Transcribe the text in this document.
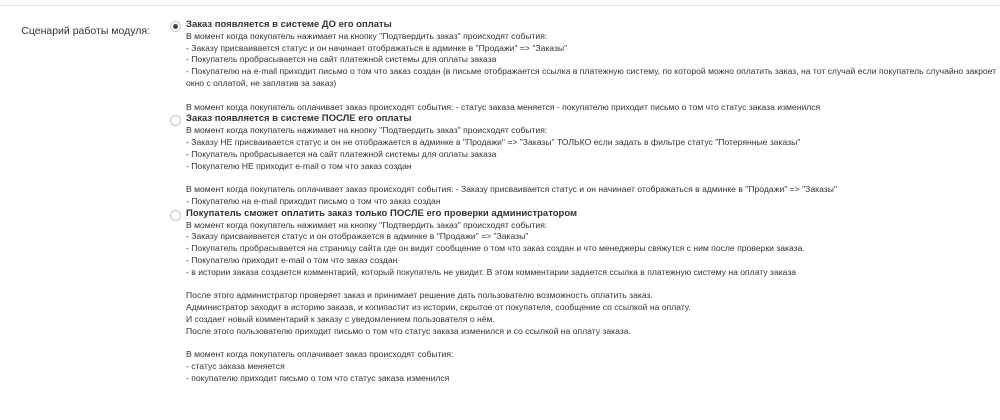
Сценарий работы модуля:
Заказ появляется в системе ДО его оплаты
В момент когда покупатель нажимает на кнопку "Подтвердить заказ" происходят события:
- Заказу присваивается статус и он начинает отображаться в админке в "Продажи" => "Заказы"
- Покупатель пробрасывается на сайт платежной системы для оплаты заказа
- Покупателю на e-mail приходит письмо о том что заказ создан (в письме отображается ссылка в платежную систему, по которой можно оплатить заказ, на тот случай если покупатель случайно закроет окно с оплатой, не заплатив за заказ)
В момент когда покупатель оплачивает заказ происходят события: - статус заказа меняется - покупателю приходит письмо о том что статус заказа изменился
Заказ появляется в системе ПОСЛЕ его оплаты
В момент когда покупатель нажимает на кнопку "Подтвердить заказ" происходят события:
- Заказу НЕ присваивается статус и он не отображается в админке в "Продажи" => "Заказы" ТОЛЬКО если задать в фильтре статус "Потерянные заказы"
- Покупатель пробрасывается на сайт платежной системы для оплаты заказа
- Покупателю НЕ приходит e-mail о том что заказ создан
В момент когда покупатель оплачивает заказ происходят события: - Заказу присваивается статус и он начинает отображаться в админке в "Продажи" => "Заказы"
- Покупателю на e-mail приходит письмо о том что заказ создан
Покупатель сможет оплатить заказ только ПОСЛЕ его проверки администратором
В момент когда покупатель нажимает на кнопку "Подтвердить заказ" происходят события:
- Заказу присваивается статус и он отображается в админке в "Продажи" => "Заказы"
- Покупатель пробрасывается на страницу сайта где он видит сообщение о том что заказ создан и что менеджеры свяжутся с ним после проверки заказа.
- Покупателю приходит e-mail о том что заказ создан
- в истории заказа создается комментарий, который покупатель не увидит. В этом комментарии задается ссылка в платежную систему на оплату заказа
После этого администратор проверяет заказ и принимает решение дать пользователю возможность оплатить заказ.
Администратор заходит в историю заказа, и копипастит из истории, скрытое от покупателя, сообщение со ссылкой на оплату.
И создает новый комментарий к заказу с уведомлением пользователя о нём.
После этого пользователю приходит письмо о том что статус заказа изменился и со ссылкой на оплату заказа.
В момент когда покупатель оплачивает заказ происходят события:
- статус заказа меняется
- покупателю приходит письмо о том что статус заказа изменился
